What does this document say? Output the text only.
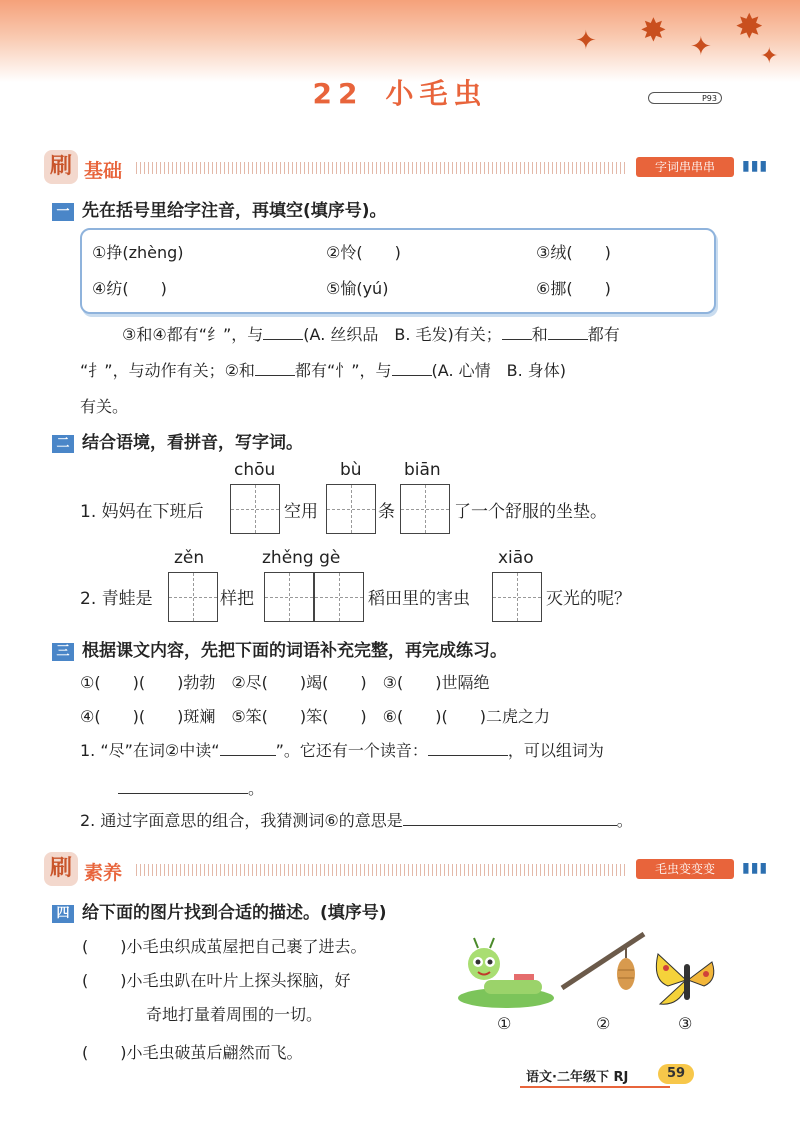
✦ ✸ ✦ ✸
✦
22 小毛虫	P93
刷 基础	字词串串串	▮▮▮
一 先在括号里给字注音，再填空(填序号)。
①挣(zhèng)	②怜(　　)	③绒(　　)
④纺(　　)	⑤愉(yú)	⑥挪(　　)
③和④都有“纟”，与	(A. 丝织品　B. 毛发)有关； 和	都有
“扌”，与动作有关；②和	都有“忄”，与	(A. 心情　B. 身体)
有关。
二 结合语境，看拼音，写字词。
chōu	bù biān
1. 妈妈在下班后	空用	条	了一个舒服的坐垫。
zěn	zhěng gè	xiāo
2. 青蛙是	样把	稻田里的害虫	灭光的呢？
三 根据课文内容，先把下面的词语补充完整，再完成练习。
①(　　)(　　)勃勃　②尽(　　)竭(　　)　③(　　)世隔绝
④(　　)(　　)斑斓　⑤笨(　　)笨(　　)　⑥(　　)(　　)二虎之力
1. “尽”在词②中读“	”。它还有一个读音：	，可以组词为
。
2. 通过字面意思的组合，我猜测词⑥的意思是	。
刷 素养	毛虫变变变	▮▮▮
四 给下面的图片找到合适的描述。(填序号)
(　　)小毛虫织成茧屋把自己裹了进去。
(　　)小毛虫趴在叶片上探头探脑，好
奇地打量着周围的一切。
(　　)小毛虫破茧后翩然而飞。
①	②	③
语文·二年级下 RJ	59
